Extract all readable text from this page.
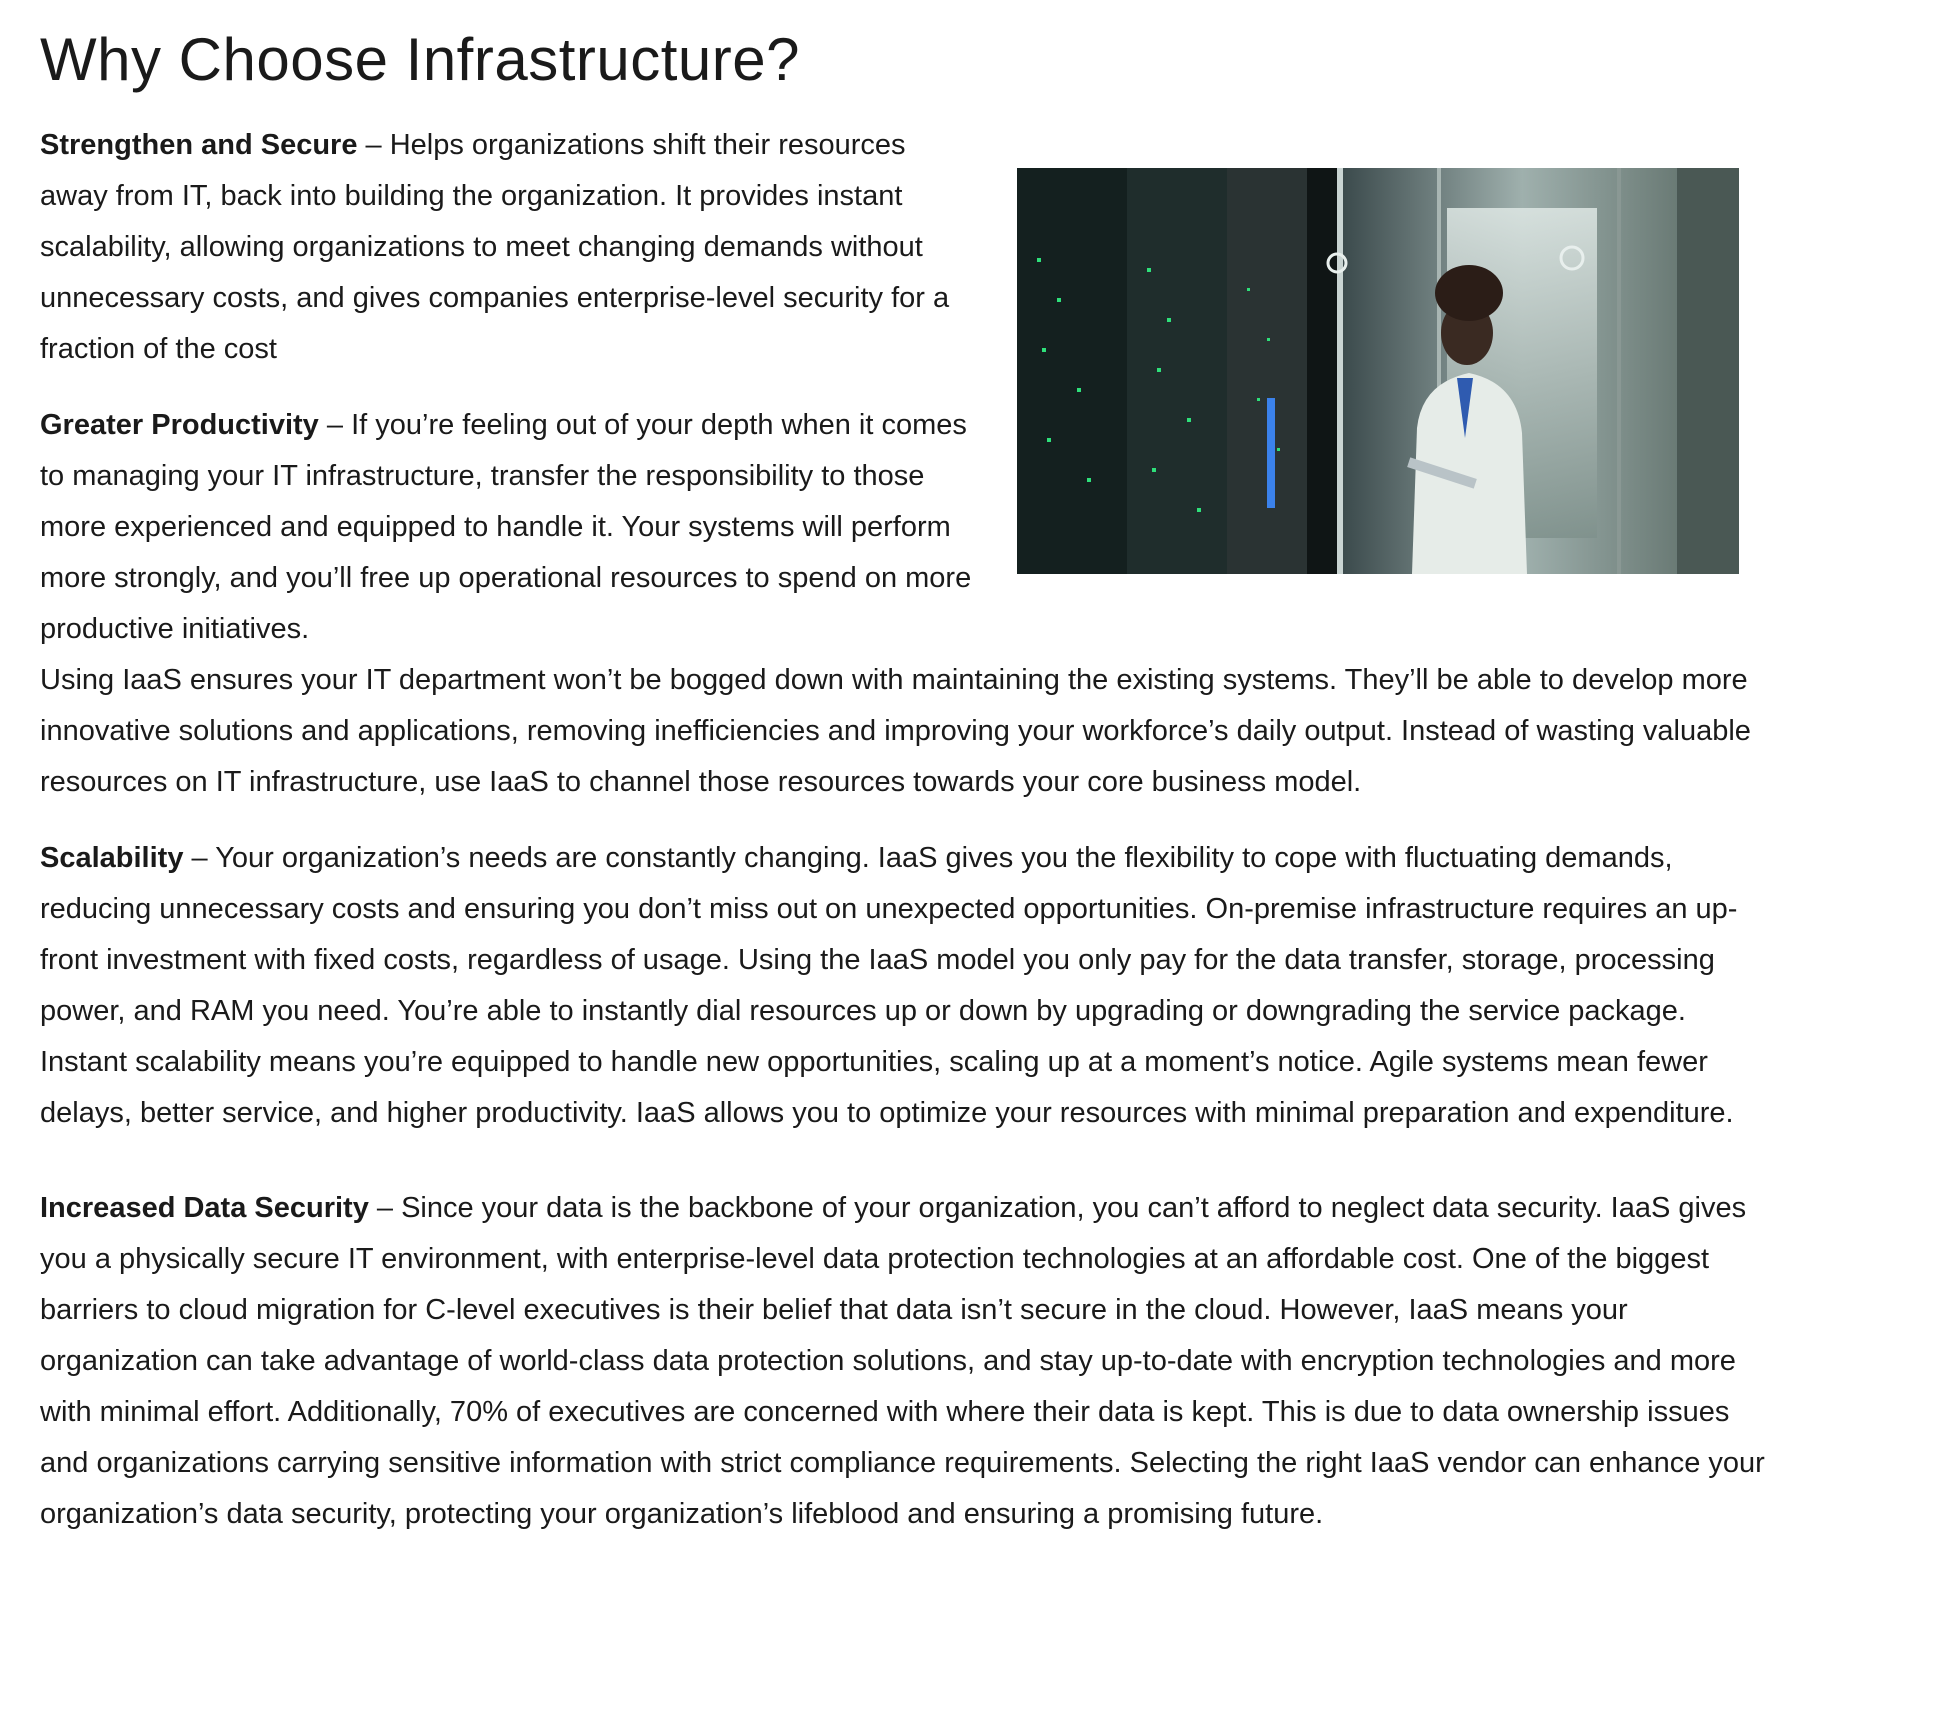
Why Choose Infrastructure?

Strengthen and Secure – Helps organizations shift their resources away from IT, back into building the organization. It provides instant scalability, allowing organizations to meet changing demands without unnecessary costs, and gives companies enterprise-level security for a fraction of the cost

Greater Productivity – If you’re feeling out of your depth when it comes to managing your IT infrastructure, transfer the responsibility to those more experienced and equipped to handle it. Your systems will perform more strongly, and you’ll free up operational resources to spend on more productive initiatives.

Using IaaS ensures your IT department won’t be bogged down with maintaining the existing systems. They’ll be able to develop more innovative solutions and applications, removing inefficiencies and improving your workforce’s daily output. Instead of wasting valuable resources on IT infrastructure, use IaaS to channel those resources towards your core business model.

Scalability – Your organization’s needs are constantly changing. IaaS gives you the flexibility to cope with fluctuating demands, reducing unnecessary costs and ensuring you don’t miss out on unexpected opportunities. On-premise infrastructure requires an up-front investment with fixed costs, regardless of usage. Using the IaaS model you only pay for the data transfer, storage, processing power, and RAM you need. You’re able to instantly dial resources up or down by upgrading or downgrading the service package. Instant scalability means you’re equipped to handle new opportunities, scaling up at a moment’s notice. Agile systems mean fewer delays, better service, and higher productivity. IaaS allows you to optimize your resources with minimal preparation and expenditure.

Increased Data Security – Since your data is the backbone of your organization, you can’t afford to neglect data security. IaaS gives you a physically secure IT environment, with enterprise-level data protection technologies at an affordable cost. One of the biggest barriers to cloud migration for C-level executives is their belief that data isn’t secure in the cloud. However, IaaS means your organization can take advantage of world-class data protection solutions, and stay up-to-date with encryption technologies and more with minimal effort. Additionally, 70% of executives are concerned with where their data is kept. This is due to data ownership issues and organizations carrying sensitive information with strict compliance requirements. Selecting the right IaaS vendor can enhance your organization’s data security, protecting your organization’s lifeblood and ensuring a promising future.
